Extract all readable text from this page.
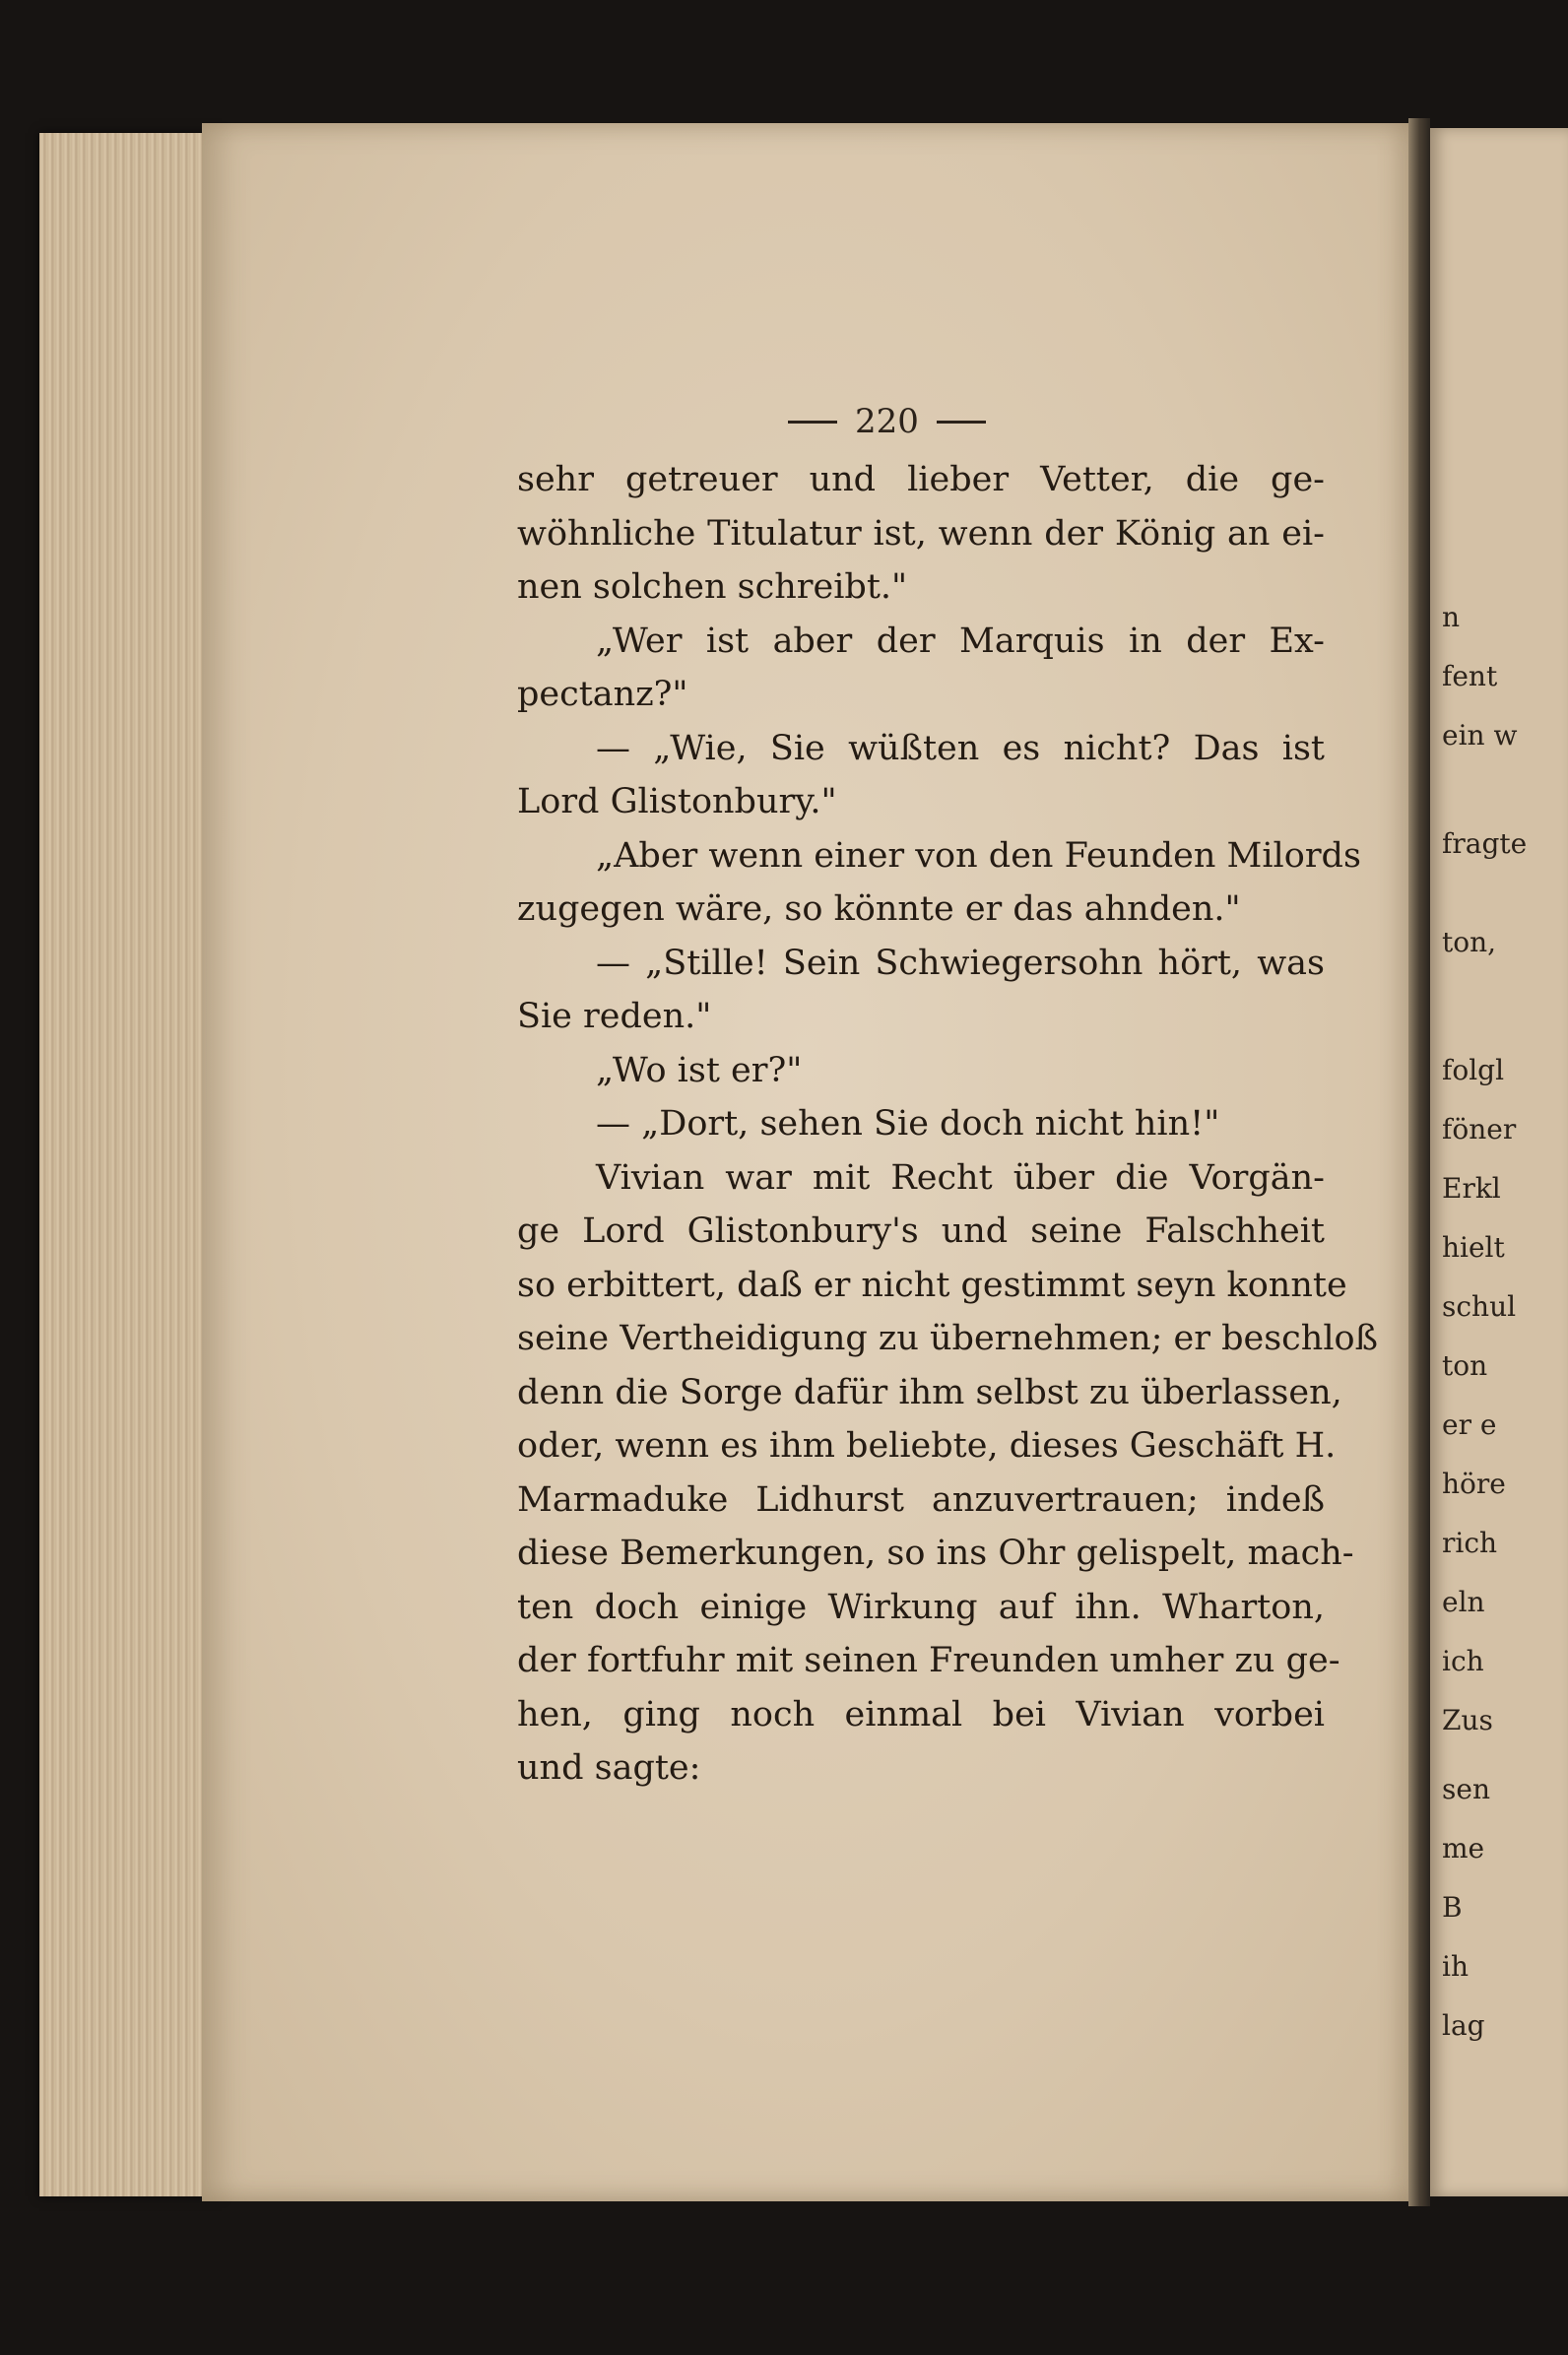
n
fent
ein w
fragte
ton,
folgl
föner
Erkl
hielt
schul
ton
er e
höre
rich
eln
ich
Zus
sen
me
B
ih
lag
220
sehr getreuer und lieber Vetter, die ge-
wöhnliche Titulatur ist, wenn der König an ei-
nen solchen schreibt."
„Wer ist aber der Marquis in der Ex-
pectanz?"
— „Wie, Sie wüßten es nicht? Das ist
Lord Glistonbury."
„Aber wenn einer von den Feunden Milords
zugegen wäre, so könnte er das ahnden."
— „Stille! Sein Schwiegersohn hört, was
Sie reden."
„Wo ist er?"
— „Dort, sehen Sie doch nicht hin!"
Vivian war mit Recht über die Vorgän-
ge Lord Glistonbury's und seine Falschheit
so erbittert, daß er nicht gestimmt seyn konnte
seine Vertheidigung zu übernehmen; er beschloß
denn die Sorge dafür ihm selbst zu überlassen,
oder, wenn es ihm beliebte, dieses Geschäft H.
Marmaduke Lidhurst anzuvertrauen; indeß
diese Bemerkungen, so ins Ohr gelispelt, mach-
ten doch einige Wirkung auf ihn. Wharton,
der fortfuhr mit seinen Freunden umher zu ge-
hen, ging noch einmal bei Vivian vorbei
und sagte:
